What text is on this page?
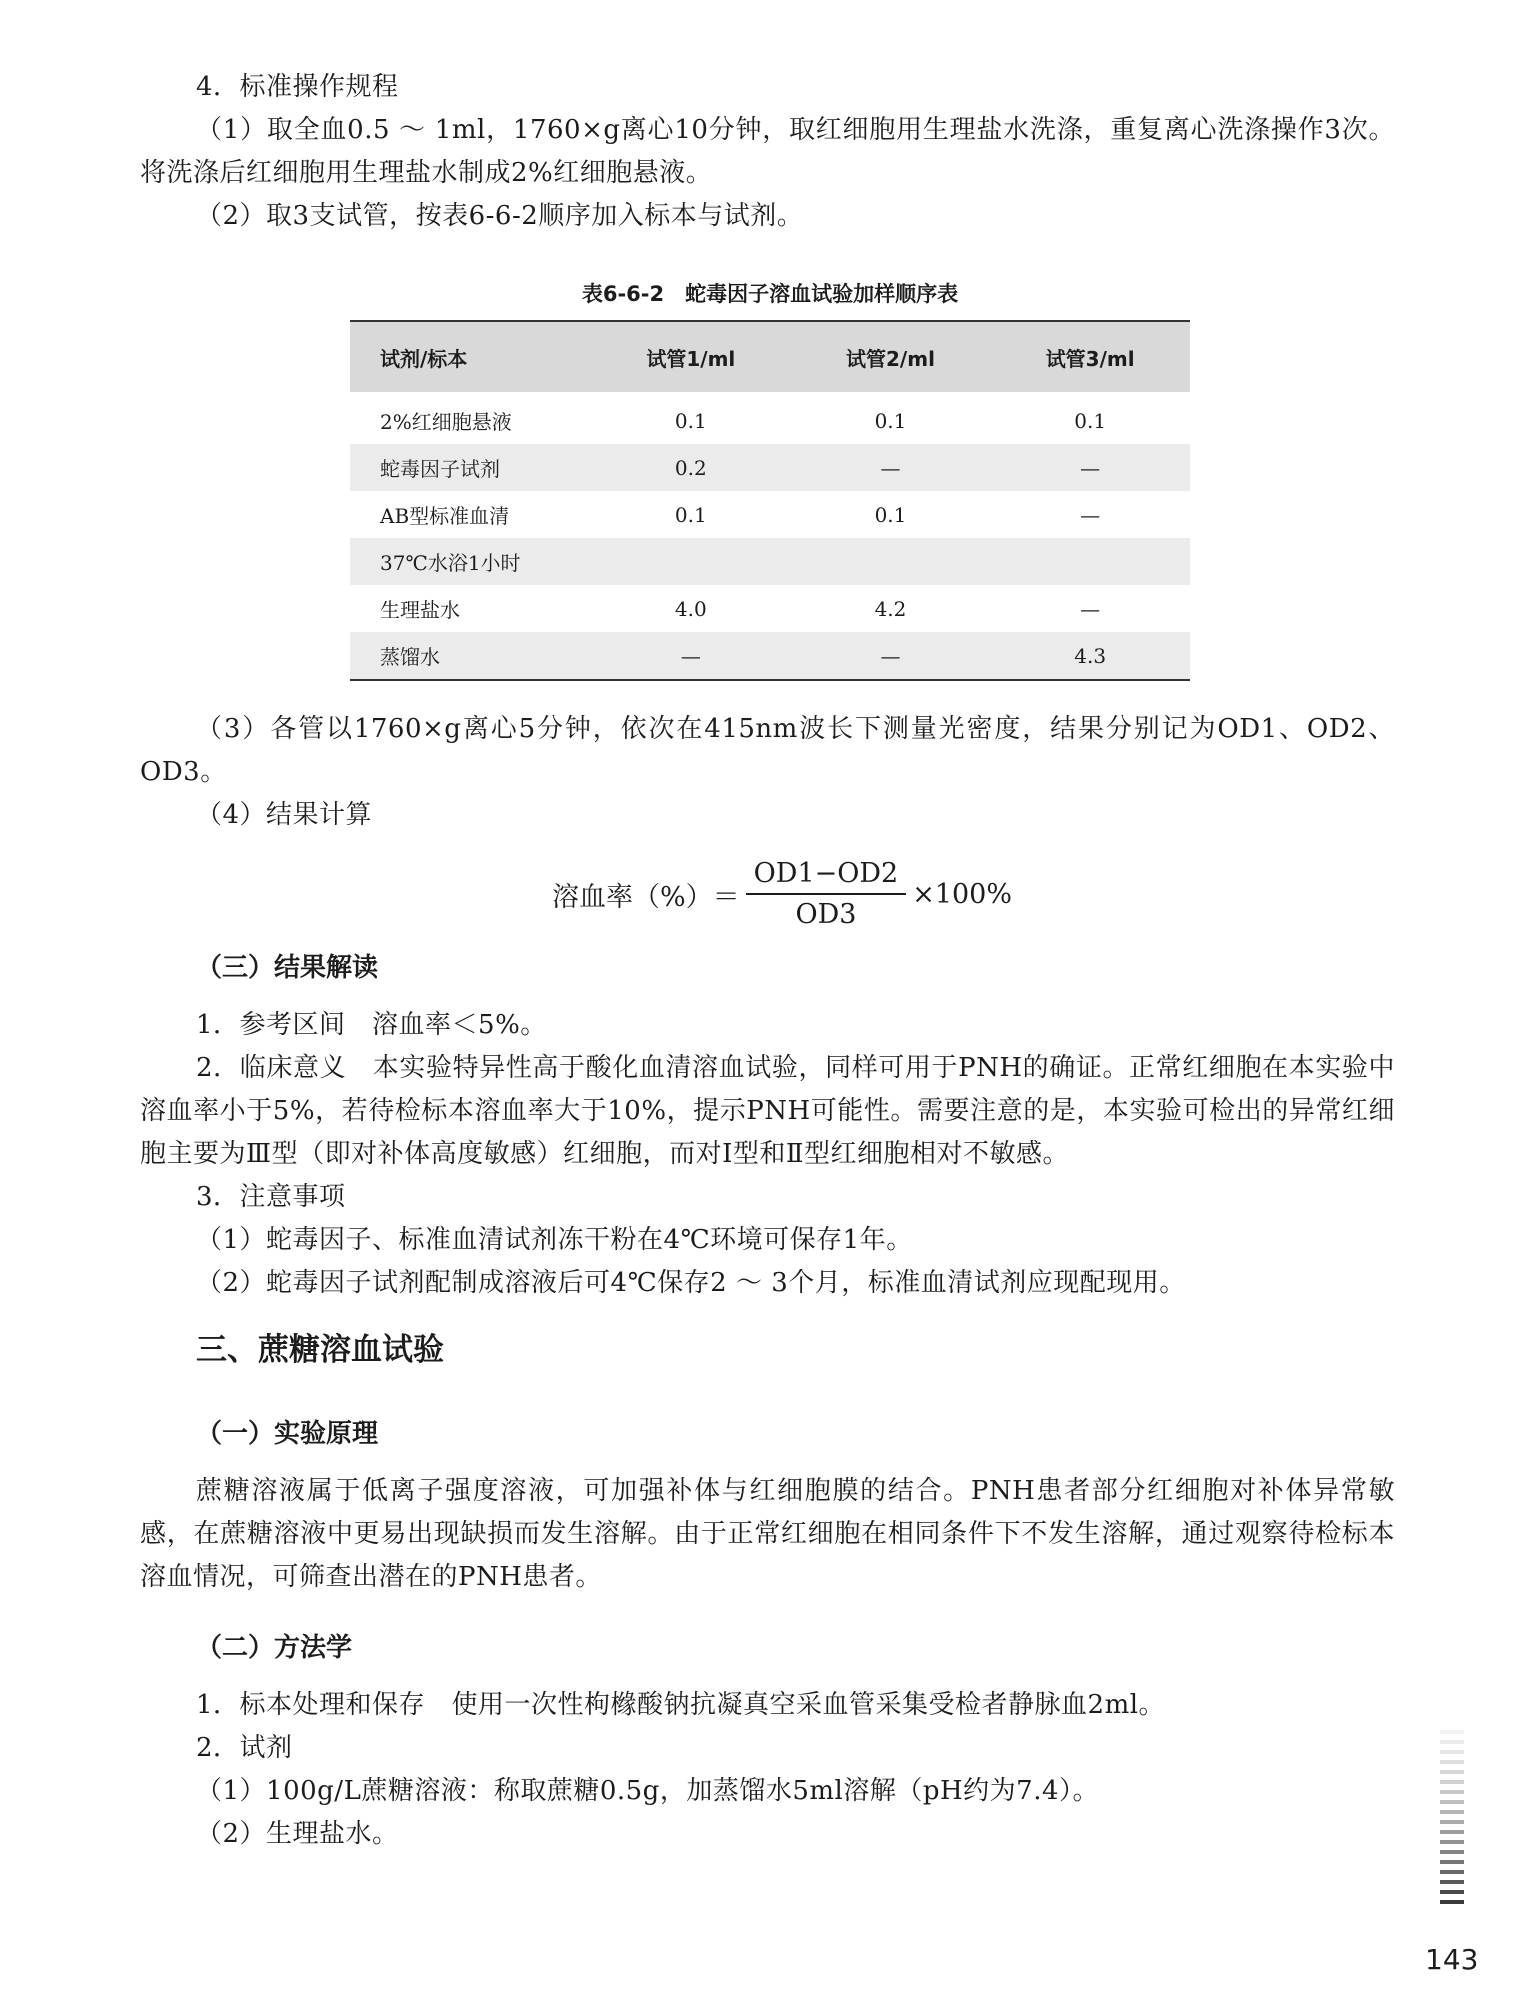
4．标准操作规程

（1）取全血0.5 ～ 1ml，1760×g离心10分钟，取红细胞用生理盐水洗涤，重复离心洗涤操作3次。将洗涤后红细胞用生理盐水制成2%红细胞悬液。

（2）取3支试管，按表6-6-2顺序加入标本与试剂。

表6-6-2　蛇毒因子溶血试验加样顺序表
试剂/标本	试管1/ml	试管2/ml	试管3/ml
2%红细胞悬液	0.1	0.1	0.1
蛇毒因子试剂	0.2	—	—
AB型标准血清	0.1	0.1	—
37℃水浴1小时			
生理盐水	4.0	4.2	—
蒸馏水	—	—	4.3

（3）各管以1760×g离心5分钟，依次在415nm波长下测量光密度，结果分别记为OD1、OD2、OD3。

（4）结果计算

溶血率（%）＝ $\frac{OD1-OD2}{OD3} \times 100\%$

（三）结果解读

1．参考区间　溶血率＜5%。

2．临床意义　本实验特异性高于酸化血清溶血试验，同样可用于PNH的确证。正常红细胞在本实验中溶血率小于5%，若待检标本溶血率大于10%，提示PNH可能性。需要注意的是，本实验可检出的异常红细胞主要为Ⅲ型（即对补体高度敏感）红细胞，而对Ⅰ型和Ⅱ型红细胞相对不敏感。

3．注意事项

（1）蛇毒因子、标准血清试剂冻干粉在4℃环境可保存1年。

（2）蛇毒因子试剂配制成溶液后可4℃保存2 ～ 3个月，标准血清试剂应现配现用。

三、蔗糖溶血试验

（一）实验原理

蔗糖溶液属于低离子强度溶液，可加强补体与红细胞膜的结合。PNH患者部分红细胞对补体异常敏感，在蔗糖溶液中更易出现缺损而发生溶解。由于正常红细胞在相同条件下不发生溶解，通过观察待检标本溶血情况，可筛查出潜在的PNH患者。

（二）方法学

1．标本处理和保存　使用一次性枸橼酸钠抗凝真空采血管采集受检者静脉血2ml。

2．试剂

（1）100g/L蔗糖溶液：称取蔗糖0.5g，加蒸馏水5ml溶解（pH约为7.4）。

（2）生理盐水。

143
